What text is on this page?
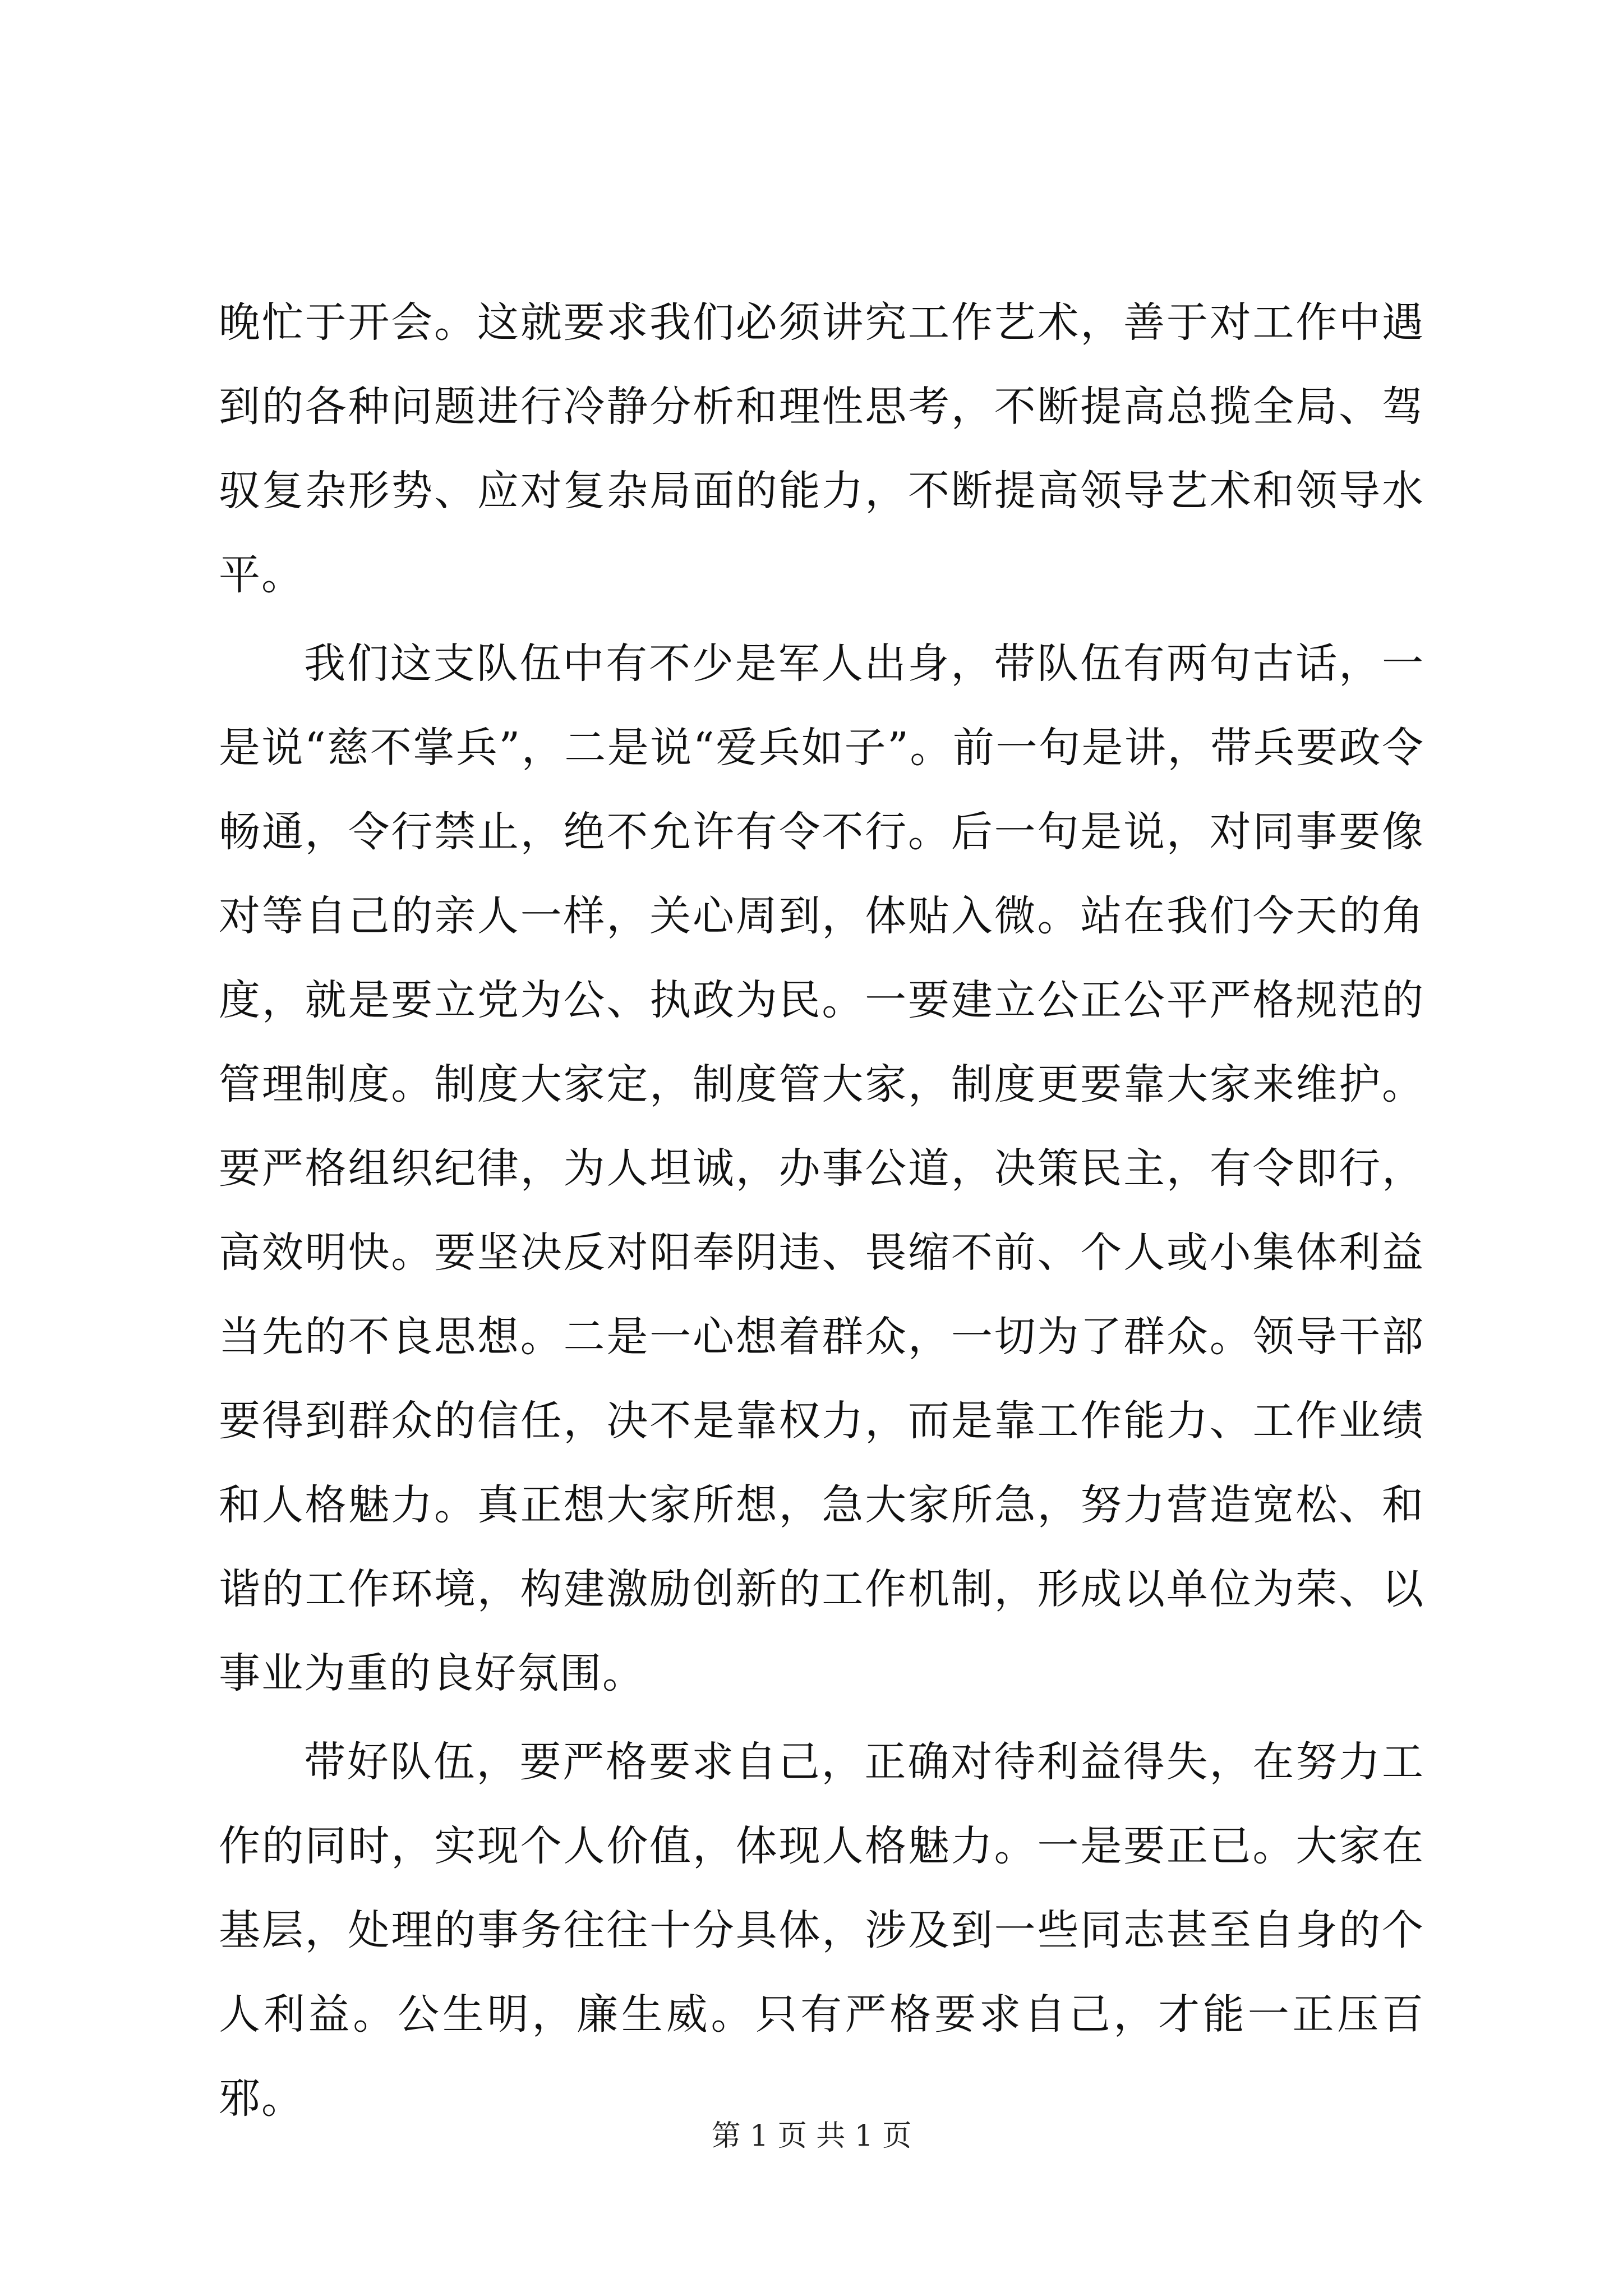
晚忙于开会。这就要求我们必须讲究工作艺术，善于对工作中遇到的各种问题进行冷静分析和理性思考，不断提高总揽全局、驾驭复杂形势、应对复杂局面的能力，不断提高领导艺术和领导水平。

我们这支队伍中有不少是军人出身，带队伍有两句古话，一是说“慈不掌兵”，二是说“爱兵如子”。前一句是讲，带兵要政令畅通，令行禁止，绝不允许有令不行。后一句是说，对同事要像对等自己的亲人一样，关心周到，体贴入微。站在我们今天的角度，就是要立党为公、执政为民。一要建立公正公平严格规范的管理制度。制度大家定，制度管大家，制度更要靠大家来维护。要严格组织纪律，为人坦诚，办事公道，决策民主，有令即行，高效明快。要坚决反对阳奉阴违、畏缩不前、个人或小集体利益当先的不良思想。二是一心想着群众，一切为了群众。领导干部要得到群众的信任，决不是靠权力，而是靠工作能力、工作业绩和人格魅力。真正想大家所想，急大家所急，努力营造宽松、和谐的工作环境，构建激励创新的工作机制，形成以单位为荣、以事业为重的良好氛围。

带好队伍，要严格要求自己，正确对待利益得失，在努力工作的同时，实现个人价值，体现人格魅力。一是要正已。大家在基层，处理的事务往往十分具体，涉及到一些同志甚至自身的个人利益。公生明，廉生威。只有严格要求自己，才能一正压百邪。

第 1 页 共 1 页
